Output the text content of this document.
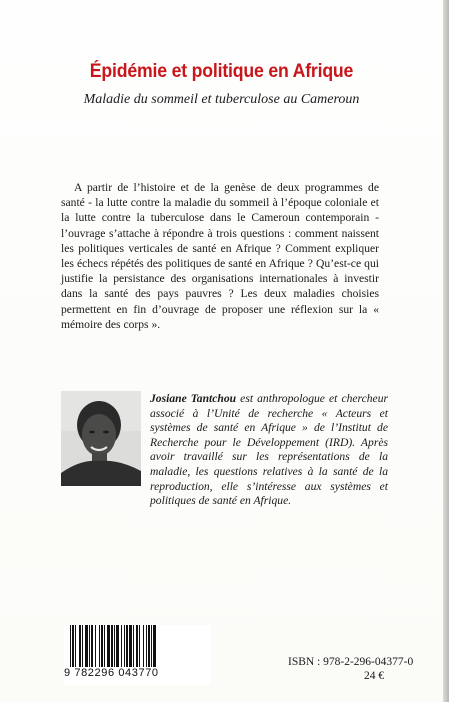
Épidémie et politique en Afrique
Maladie du sommeil et tuberculose au Cameroun

A partir de l’histoire et de la genèse de deux programmes de santé - la lutte contre la maladie du sommeil à l’époque coloniale et la lutte contre la tuberculose dans le Cameroun contemporain - l’ouvrage s’attache à répondre à trois questions : comment naissent les politiques verticales de santé en Afrique ? Comment expliquer les échecs répétés des politiques de santé en Afrique ? Qu’est-ce qui justifie la persistance des organisations internationales à investir dans la santé des pays pauvres ? Les deux maladies choisies permettent en fin d’ouvrage de proposer une réflexion sur la « mémoire des corps ».

Josiane Tantchou est anthropologue et chercheur associé à l’Unité de recherche « Acteurs et systèmes de santé en Afrique » de l’Institut de Recherche pour le Développement (IRD). Après avoir travaillé sur les représentations de la maladie, les questions relatives à la santé de la reproduction, elle s’intéresse aux systèmes et politiques de santé en Afrique.

9 782296 043770
ISBN : 978-2-296-04377-0
24 €
